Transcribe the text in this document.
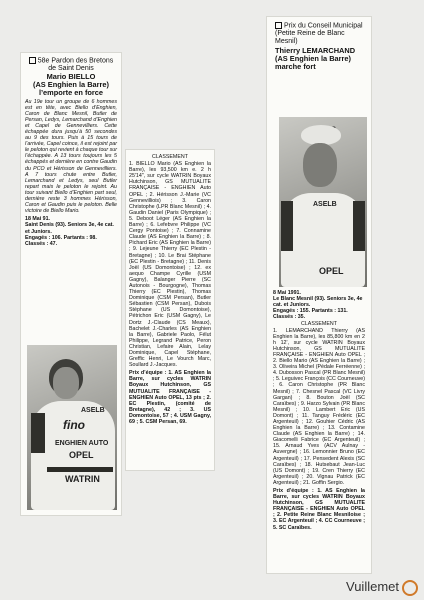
58e Pardon des Bretons de Saint Denis
Mario BIELLO
(AS Enghien la Barre)
l’emporte en force
Au 19e tour un groupe de 6 hommes est en tête, avec Biello d’Enghien, Caron de Blanc Mesnil, Butler de Persan, Ledys, Lemarchand d’Enghien et Capel de Gennevilliers. Cette échappée dura jusqu’à 50 secondes au 9 des tours. Puis à 15 tours de l’arrivée, Capel coince, il est rejoint par le peloton qui revient à chaque tour sur l’échappée. A 13 tours toujours les 5 échappés et dernière en contre Gaudin du PCO et Hérisson de Gennevilliers. A 7 tours chute entre Butler, Lemarchand et Ledys, seul Butler repart mais le peloton le rejoint. Au tour suivant Biello d’Enghien part seul, dernière reste 3 hommes Hérisson, Caron et Gaudin puis le peloton. Belle victoire de Biello Mario.
18 Mai 91.
Saint Denis (93). Seniors 3e, 4e cat. et Juniors.
Engagés : 106. Partants : 98. Classés : 47.
ASELB
fino
ENGHIEN AUTO
OPEL
WATRIN
CLASSEMENT
1. BIELLO Mario (AS Enghien la Barre), les 93,500 km e. 2 h 25'14", sur cycle WATRIN Boyaux Hutchinson, GS MUTUALITE FRANÇAISE - ENGHIEN Auto OPEL ; 2. Hérisson J.-Marie (VC Gennevilliois) ; 3. Caron Christophe (LPR Blanc Mesnil) ; 4. Gaudin Daniel (Paris Olympique) ; 5. Deboot Léger (AS Enghien la Barre) ; 6. Lefebvre Philippe (VC Cergy Pontoise) ; 7. Connamine Claude (AS Enghien la Barre) ; 8. Pichard Eric (AS Enghien la Barre) ; 9. Lejeune Thierry (EC Plestin - Bretagne) ; 10. Le Brai Stéphane (EC Plestin - Bretagne) ; 11. Denis Joël (US Domontoise) ; 12. ex aequo Champe Cyrille (USM Gagny), Balanger Pierre (SC Autonois - Bourgogne), Thomas Thierry (EC Plestin), Thomas Dominique (CSM Persan), Butler Sébastien (CSM Persan), Dubois Stéphane (US Domontoise), Pétrichon Eric (USM Gagny), Le Dortz J.-Claude (CS Meaux), Bachelet J.-Charles (AS Enghien la Barre), Gabriele Paolo, Félut Philippe, Legrand Patrice, Peron Christian, Lefaire Alain, Lelay Dominique, Capel Stéphane, Greffic Henri, Le Vourch Marc, Soullard J.-Jacques.
Prix d’équipe : 1. AS Enghien la Barre, sur cycles WATRIN Boyaux Hutchinson, GS MUTUALITE FRANÇAISE - ENGHIEN Auto OPEL, 13 pts ; 2. EC Plestin, (comité de Bretagne), 42 ; 3. US Domontoise, 57 ; 4. USM Gagny, 69 ; 5. CSM Persan, 69.
Prix du Conseil Municipal (Petite Reine de Blanc Mesnil)
Thierry LEMARCHAND
(AS Enghien la Barre)
marche fort
ASELB
OPEL
8 Mai 1991.
Le Blanc Mesnil (93). Seniors 3e, 4e cat. et Juniors.
Engagés : 155. Partants : 131. Classés : 35.
CLASSEMENT
1. LEMARCHAND Thierry (AS Enghien la Barre), les 85,800 km en 2 h 12', sur cycle WATRIN Boyaux Hutchinson, GS MUTUALITE FRANÇAISE - ENGHIEN Auto OPEL ; 2. Biello Mario (AS Enghien la Barre) ; 3. Oliveira Michel (Pédale Ferréenne) ; 4. Dubosson Pascal (PR Blanc Mesnil) ; 5. Leguivec François (CC Courneuve) ; 6. Caron Christophe (PR Blanc Mesnil) ; 7. Chesnel Pascal (VC Livry Gargan) ; 8. Bouton Joël (SC Caraïbes) ; 9. Harzo Sylvain (PR Blanc Mesnil) ; 10. Lambert Eric (US Domont) ; 11. Tanguy Frédéric (EC Argenteuil) ; 12. Gouhier Cédric (AS Enghien la Barre) ; 13. Contamine Claude (AS Enghien la Barre) ; 14. Giacomelli Fabrice (EC Argenteuil) ; 15. Arnaud Yves (ACV Aulnay - Auvergne) ; 16. Lemonnier Bruno (EC Argenteuil) ; 17. Pensedent Alexis (SC Caraïbes) ; 18. Hutsebaut Jean-Luc (US Domont) ; 19. Cren Thierry (EC Argenteuil) ; 20. Vignau Patrick (EC Argenteuil) ; 21. Goffin Sergio.
Prix d’équipe : 1. AS Enghien la Barre, sur cycles WATRIN Boyaux Hutchinson, GS MUTUALITE FRANÇAISE - ENGHIEN Auto OPEL ; 2. Petite Reine Blanc Mesniloise ; 3. EC Argenteuil ; 4. CC Courneuve ; 5. SC Caraïbes.
Vuillemet
